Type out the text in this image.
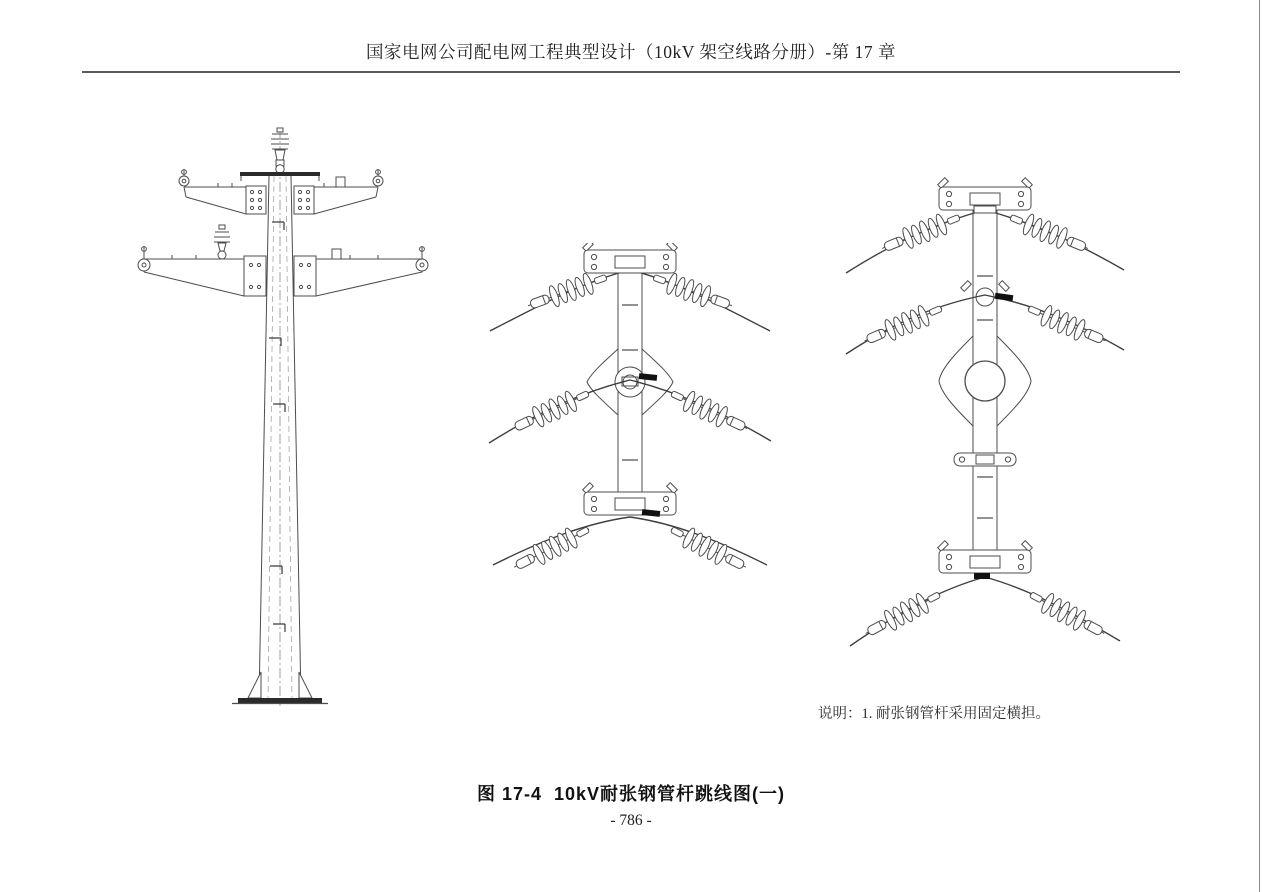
国家电网公司配电网工程典型设计（10kV 架空线路分册）-第 17 章
说明：1. 耐张钢管杆采用固定横担。
图 17-4  10kV耐张钢管杆跳线图(一)
- 786 -
